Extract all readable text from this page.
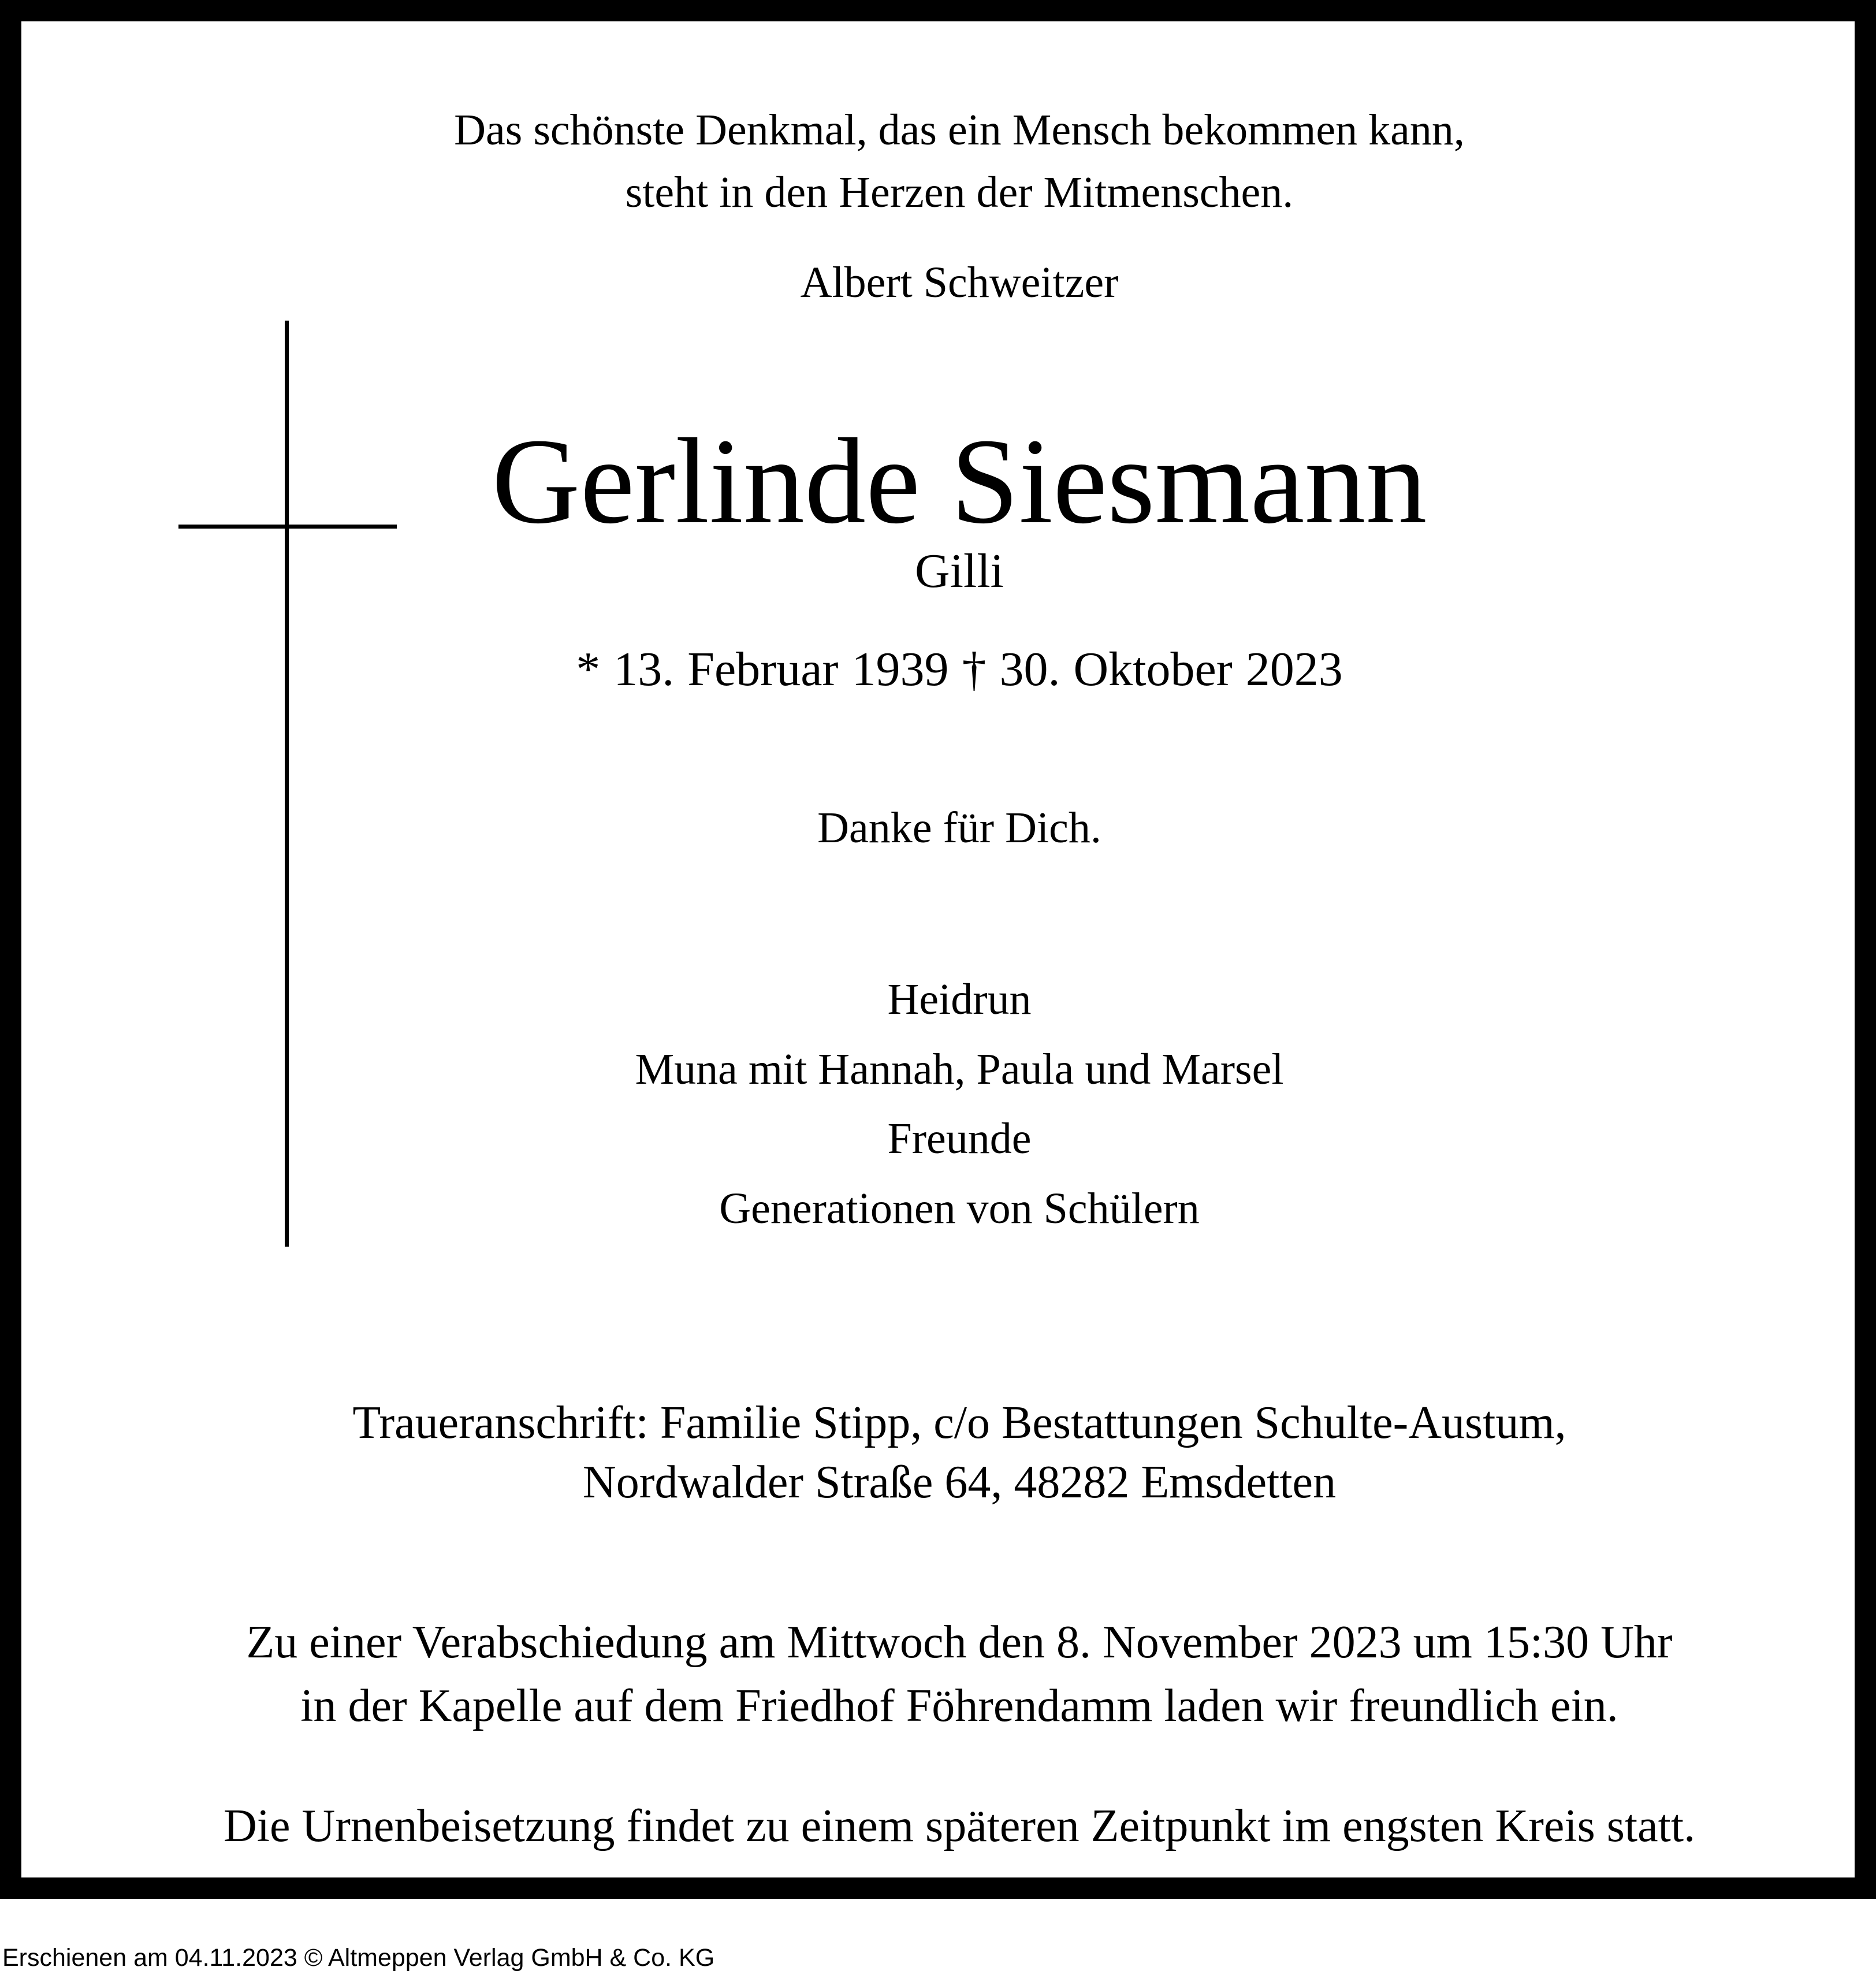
Das schönste Denkmal, das ein Mensch bekommen kann,
steht in den Herzen der Mitmenschen.
Albert Schweitzer
Gerlinde Siesmann
Gilli
* 13. Februar 1939 † 30. Oktober 2023
Danke für Dich.
Heidrun
Muna mit Hannah, Paula und Marsel
Freunde
Generationen von Schülern
Traueranschrift: Familie Stipp, c/o Bestattungen Schulte-Austum,
Nordwalder Straße 64, 48282 Emsdetten
Zu einer Verabschiedung am Mittwoch den 8. November 2023 um 15:30 Uhr
in der Kapelle auf dem Friedhof Föhrendamm laden wir freundlich ein.
Die Urnenbeisetzung findet zu einem späteren Zeitpunkt im engsten Kreis statt.
Erschienen am 04.11.2023 © Altmeppen Verlag GmbH & Co. KG
